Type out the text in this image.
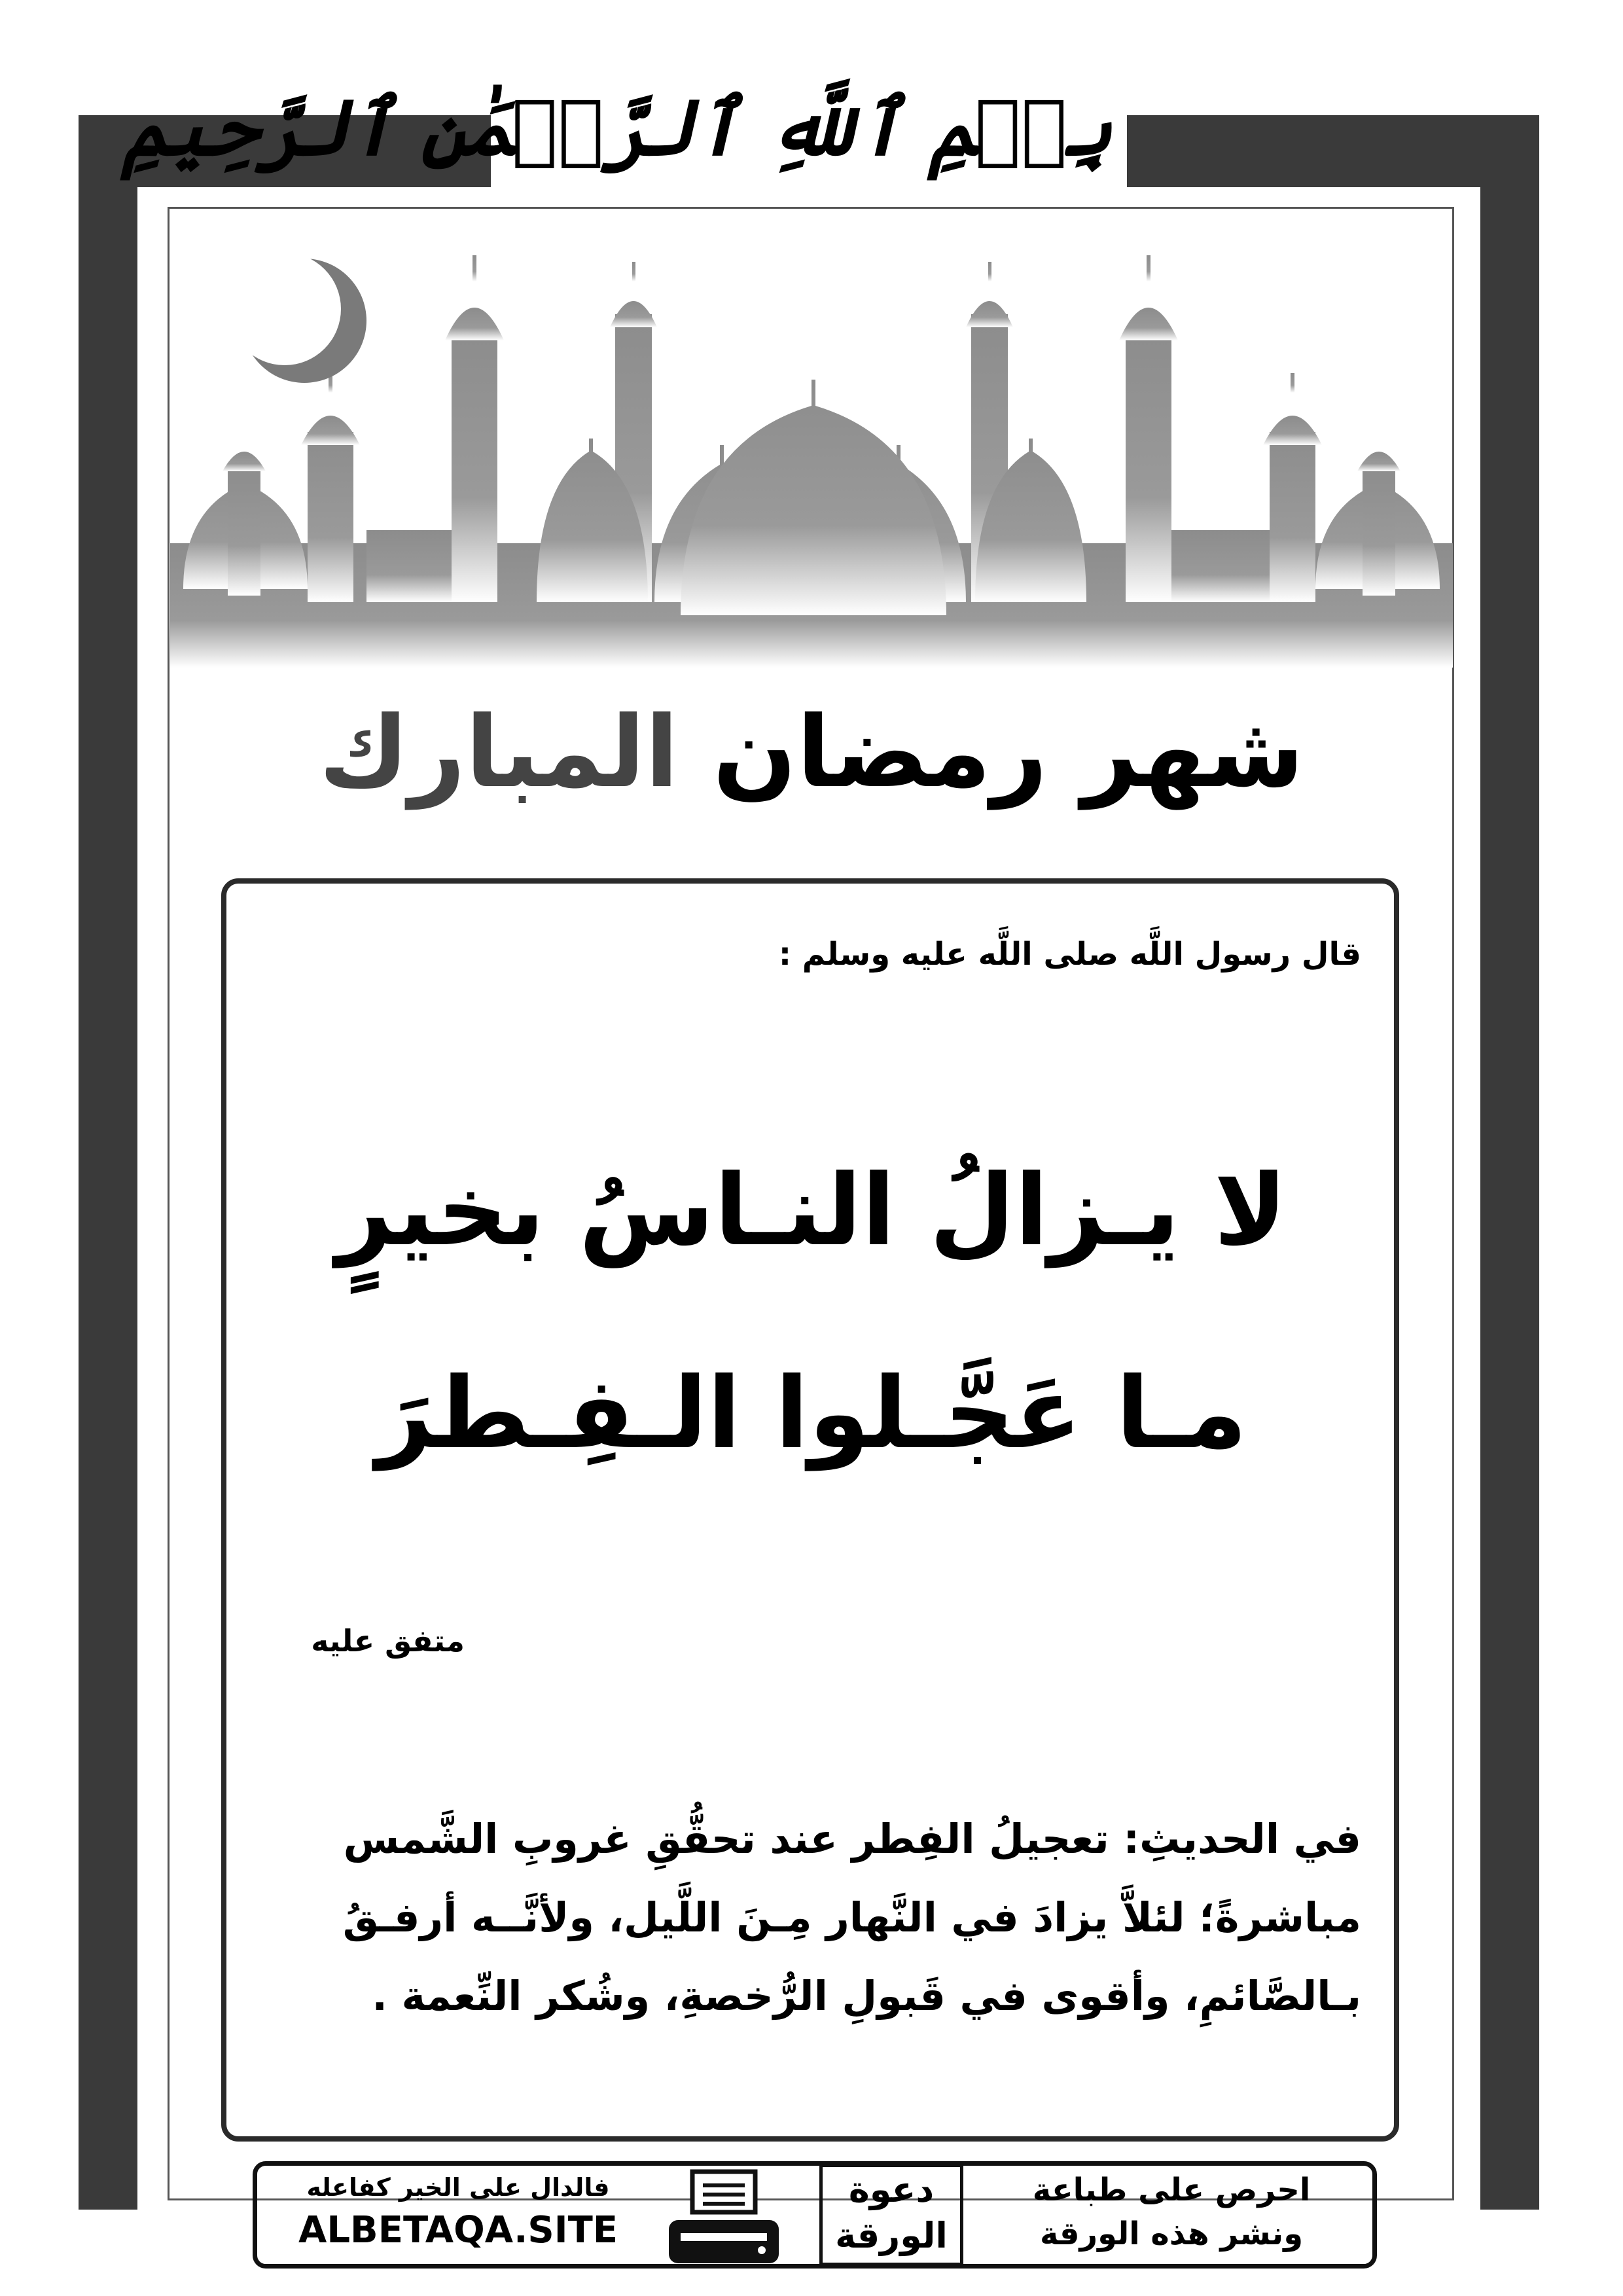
بِسۡمِ ٱللَّهِ ٱلرَّحۡمَٰنِ ٱلرَّحِيمِ
شهر رمضان المبارك
قال رسول اللَّه صلى اللَّه عليه وسلم :
لا يـزالُ النـاسُ بخيرٍ
مـا عَجَّـلوا الـفِـطرَ
متفق عليه
في الحديثِ: تعجيلُ الفِطر عند تحقُّقِ غروبِ الشَّمس
مباشرةً؛ لئلاَّ يزادَ في النَّهار مِـنَ اللَّيل، ولأنَّــه أرفـقُ
بـالصَّائمِ، وأقوى في قَبولِ الرُّخصةِ، وشُكر النِّعمة .
فالدال على الخير كفاعله
ALBETAQA.SITE
دعوة
الورقة
احرص على طباعة
ونشر هذه الورقة
